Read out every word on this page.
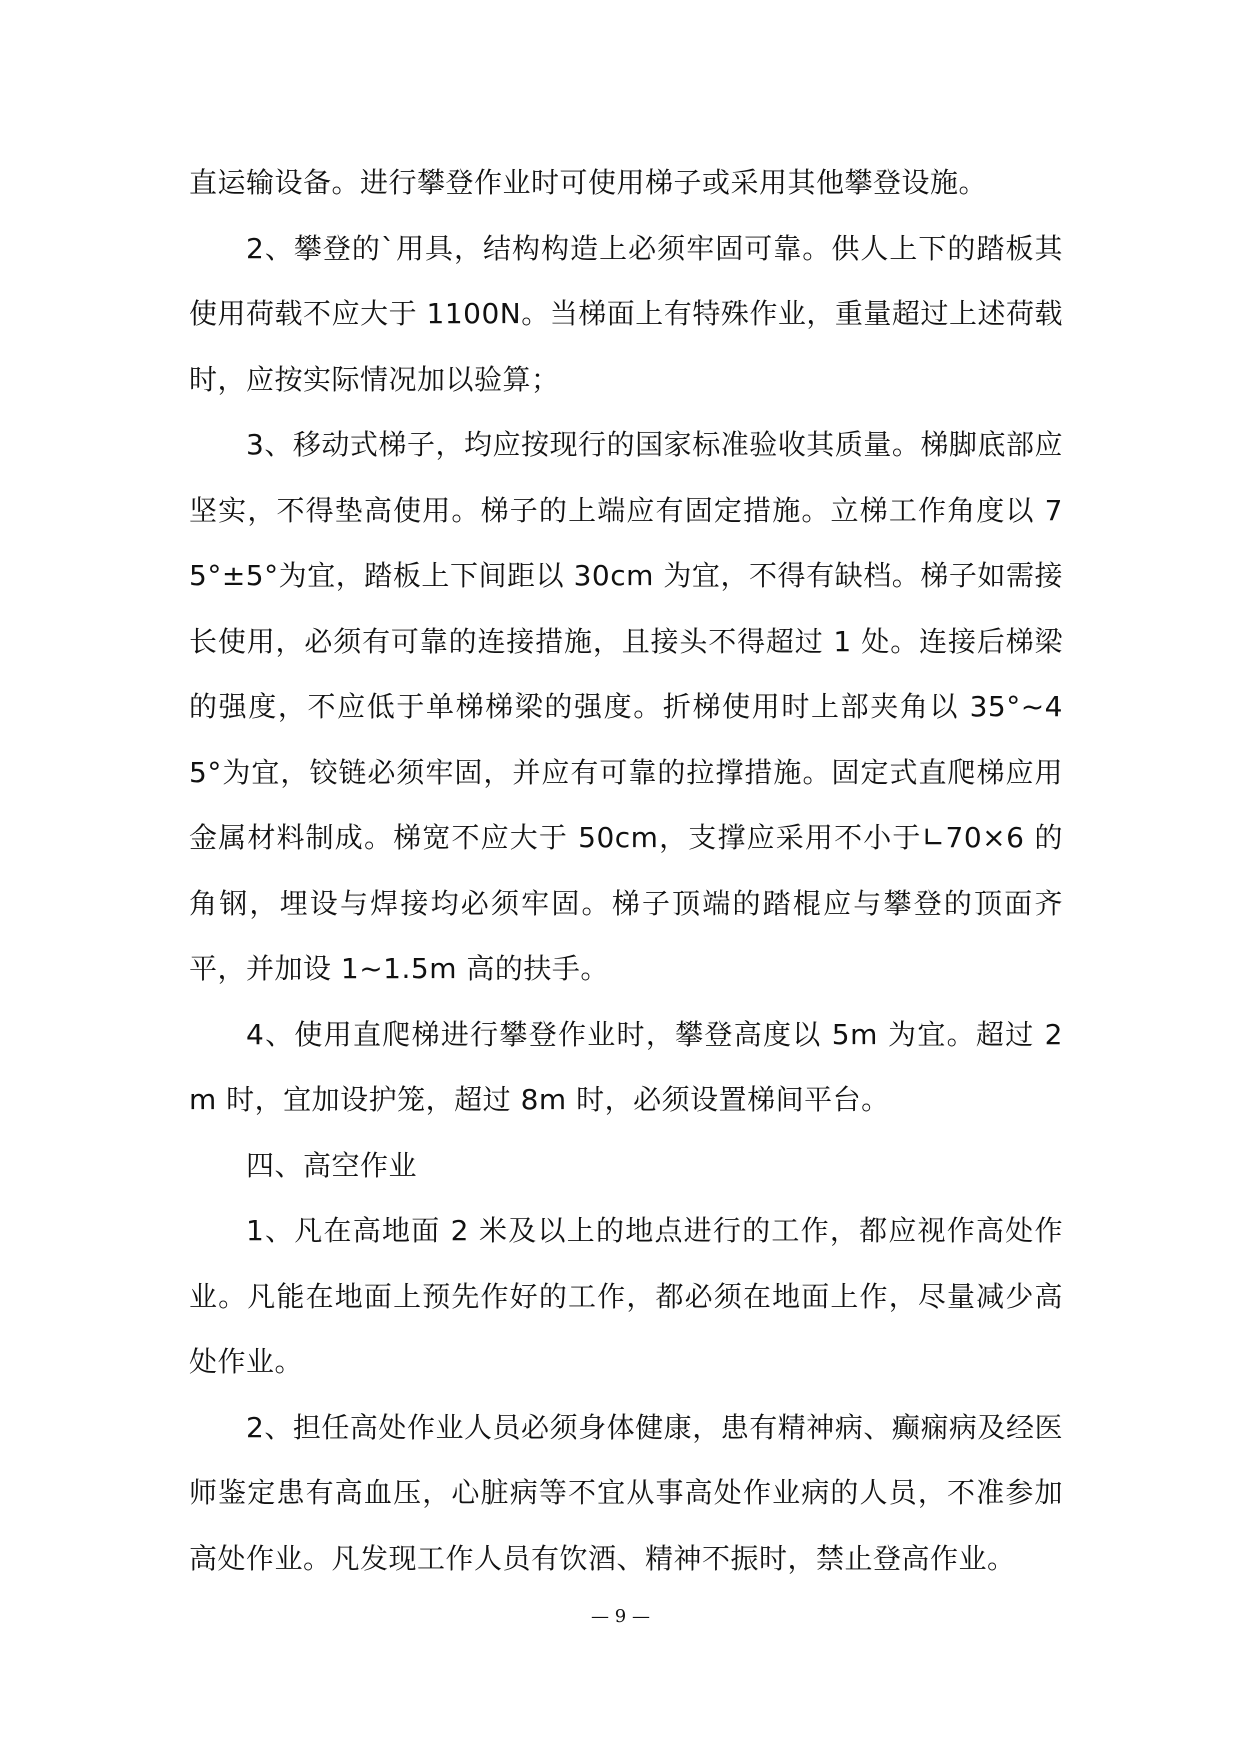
直运输设备。进行攀登作业时可使用梯子或采用其他攀登设施。

2、攀登的`用具，结构构造上必须牢固可靠。供人上下的踏板其使用荷载不应大于 1100N。当梯面上有特殊作业，重量超过上述荷载时，应按实际情况加以验算；

3、移动式梯子，均应按现行的国家标准验收其质量。梯脚底部应坚实，不得垫高使用。梯子的上端应有固定措施。立梯工作角度以 75°±5°为宜，踏板上下间距以 30cm 为宜，不得有缺档。梯子如需接长使用，必须有可靠的连接措施，且接头不得超过 1 处。连接后梯梁的强度，不应低于单梯梯梁的强度。折梯使用时上部夹角以 35°~45°为宜，铰链必须牢固，并应有可靠的拉撑措施。固定式直爬梯应用金属材料制成。梯宽不应大于 50cm，支撑应采用不小于∟70×6 的角钢，埋设与焊接均必须牢固。梯子顶端的踏棍应与攀登的顶面齐平，并加设 1~1.5m 高的扶手。

4、使用直爬梯进行攀登作业时，攀登高度以 5m 为宜。超过 2m 时，宜加设护笼，超过 8m 时，必须设置梯间平台。

四、高空作业

1、凡在高地面 2 米及以上的地点进行的工作，都应视作高处作业。凡能在地面上预先作好的工作，都必须在地面上作，尽量减少高处作业。

2、担任高处作业人员必须身体健康，患有精神病、癫痫病及经医师鉴定患有高血压，心脏病等不宜从事高处作业病的人员，不准参加高处作业。凡发现工作人员有饮酒、精神不振时，禁止登高作业。

— 9 —
